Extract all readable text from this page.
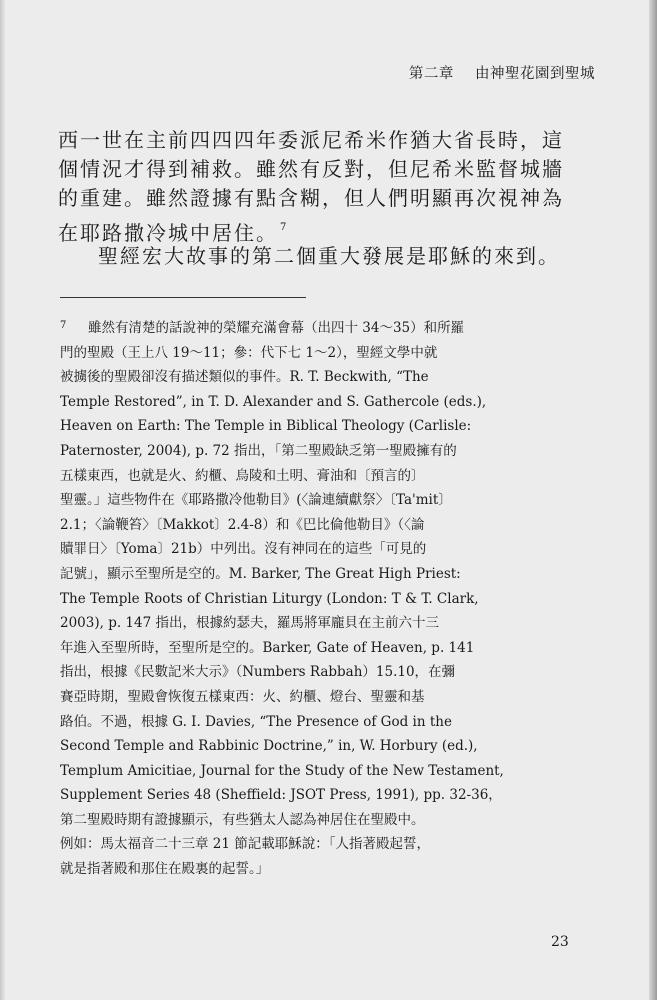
第二章 由神聖花園到聖城
西一世在主前四四四年委派尼希米作猶大省長時，這
個情況才得到補救。雖然有反對，但尼希米監督城牆
的重建。雖然證據有點含糊，但人們明顯再次視神為
在耶路撒冷城中居住。 $^7$
聖經宏大故事的第二個重大發展是耶穌的來到。
7	雖然有清楚的話說神的榮耀充滿會幕（出四十 34～35）和所羅
門的聖殿（王上八 19～11；參：代下七 1～2），聖經文學中就
被擄後的聖殿卻沒有描述類似的事件。R. T. Beckwith, “The
Temple Restored”, in T. D. Alexander and S. Gathercole (eds.),
Heaven on Earth: The Temple in Biblical Theology (Carlisle:
Paternoster, 2004), p. 72 指出，「第二聖殿缺乏第一聖殿擁有的
五樣東西，也就是火、約櫃、烏陵和土明、膏油和〔預言的〕
聖靈。」這些物件在《耶路撒冷他勒目》(〈論連續獻祭〉〔Ta'mit〕
2.1；〈論鞭笞〉〔Makkot〕2.4-8）和《巴比倫他勒目》（〈論
贖罪日〉〔Yoma〕21b）中列出。沒有神同在的這些「可見的
記號」，顯示至聖所是空的。M. Barker, The Great High Priest:
The Temple Roots of Christian Liturgy (London: T & T. Clark,
2003), p. 147 指出，根據約瑟夫，羅馬將軍龐貝在主前六十三
年進入至聖所時，至聖所是空的。Barker, Gate of Heaven, p. 141
指出，根據《民數記米大示》（Numbers Rabbah）15.10，在彌
賽亞時期，聖殿會恢復五樣東西：火、約櫃、燈台、聖靈和基
路伯。不過，根據 G. I. Davies, “The Presence of God in the
Second Temple and Rabbinic Doctrine,” in, W. Horbury (ed.),
Templum Amicitiae, Journal for the Study of the New Testament,
Supplement Series 48 (Sheffield: JSOT Press, 1991), pp. 32-36，
第二聖殿時期有證據顯示，有些猶太人認為神居住在聖殿中。
例如：馬太福音二十三章 21 節記載耶穌說：「人指著殿起誓，
就是指著殿和那住在殿裏的起誓。」
23
